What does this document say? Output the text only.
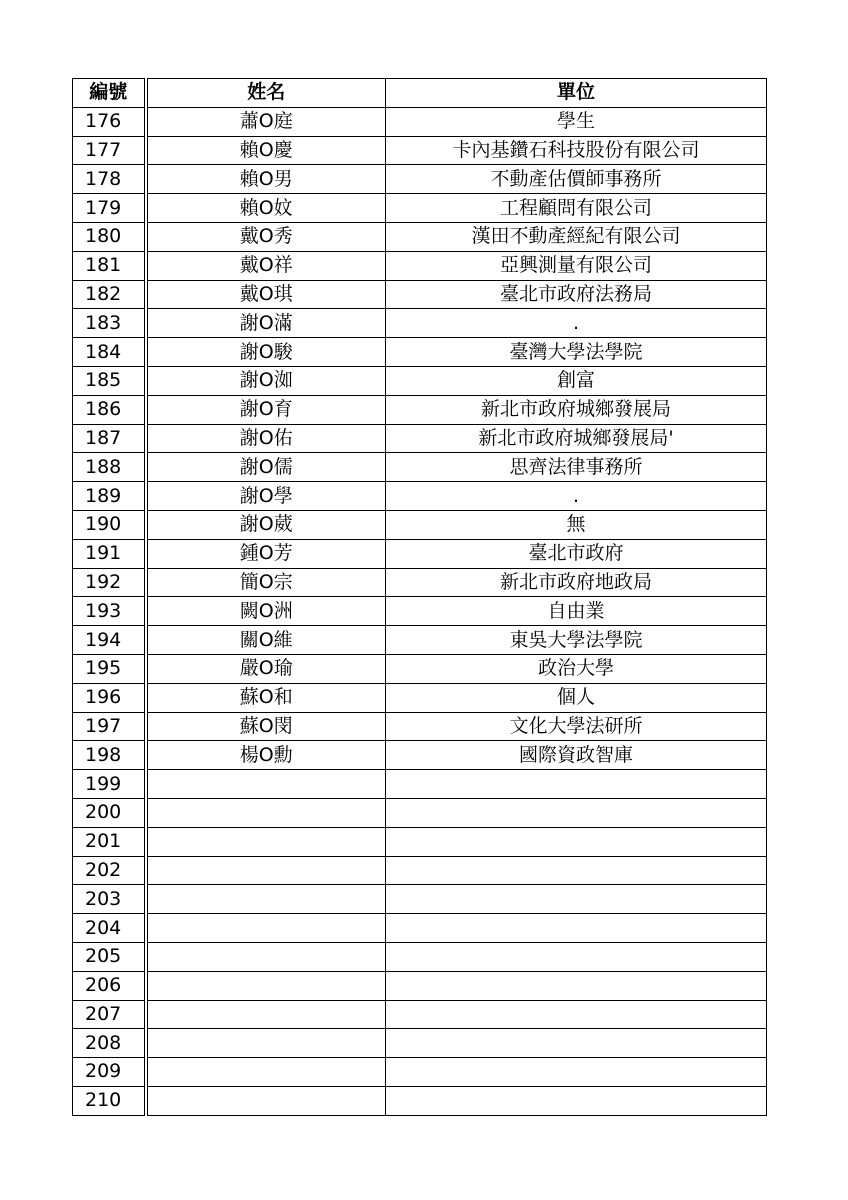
編號	姓名	單位
176	蕭O庭	學生
177	賴O慶	卡內基鑽石科技股份有限公司
178	賴O男	不動產估價師事務所
179	賴O妏	工程顧問有限公司
180	戴O秀	漢田不動產經紀有限公司
181	戴O祥	亞興測量有限公司
182	戴O琪	臺北市政府法務局
183	謝O滿	.
184	謝O駿	臺灣大學法學院
185	謝O洳	創富
186	謝O育	新北市政府城鄉發展局
187	謝O佑	新北市政府城鄉發展局'
188	謝O儒	思齊法律事務所
189	謝O學	.
190	謝O葳	無
191	鍾O芳	臺北市政府
192	簡O宗	新北市政府地政局
193	闕O洲	自由業
194	關O維	東吳大學法學院
195	嚴O瑜	政治大學
196	蘇O和	個人
197	蘇O閔	文化大學法研所
198	楊O勳	國際資政智庫
199		
200		
201		
202		
203		
204		
205		
206		
207		
208		
209		
210		
